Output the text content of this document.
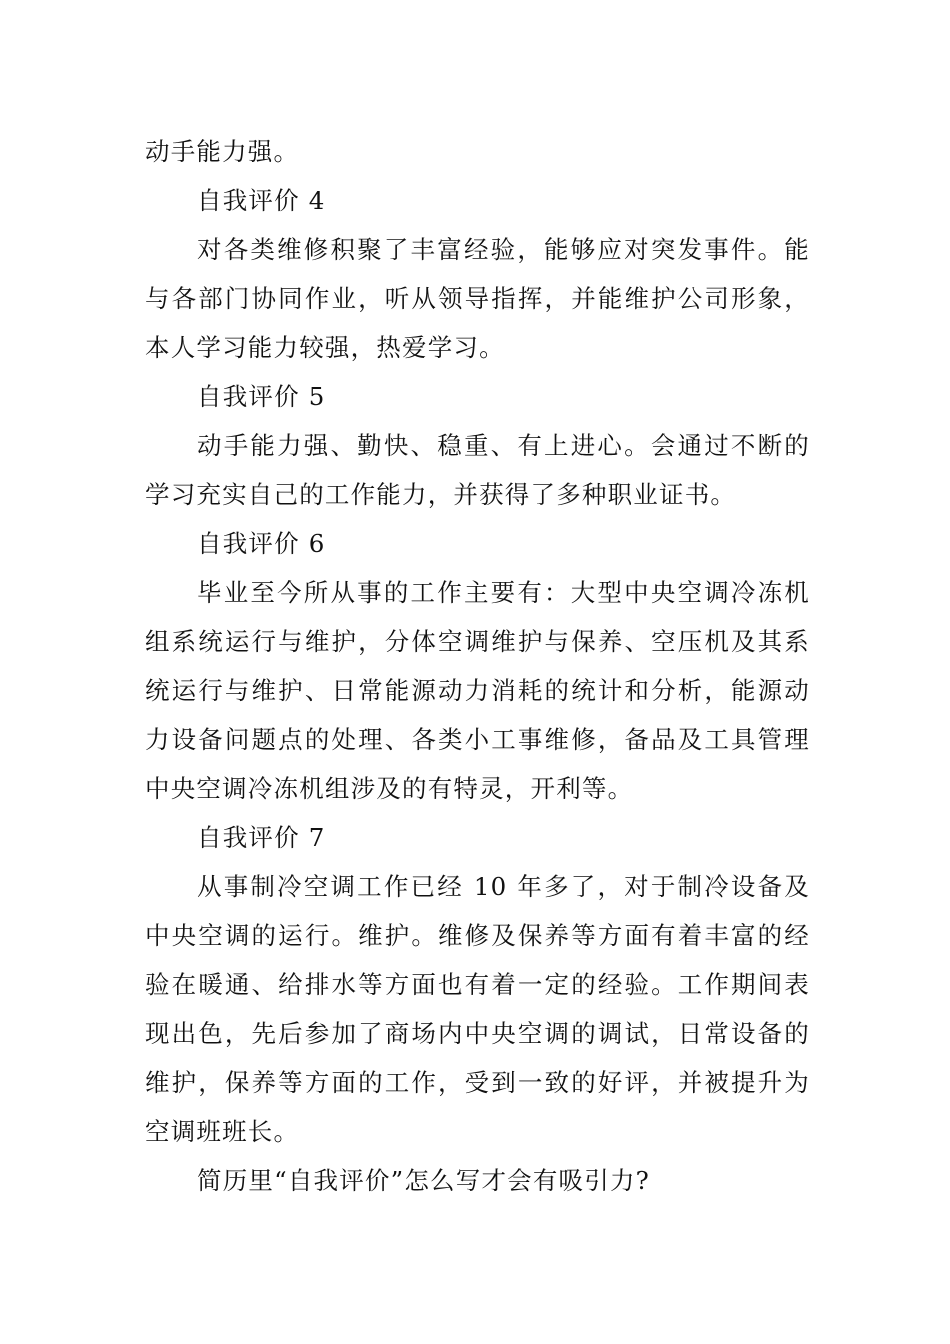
动手能力强。

自我评价 4

对各类维修积聚了丰富经验，能够应对突发事件。能与各部门协同作业，听从领导指挥，并能维护公司形象，本人学习能力较强，热爱学习。

自我评价 5

动手能力强、勤快、稳重、有上进心。会通过不断的学习充实自己的工作能力，并获得了多种职业证书。

自我评价 6

毕业至今所从事的工作主要有：大型中央空调冷冻机组系统运行与维护，分体空调维护与保养、空压机及其系统运行与维护、日常能源动力消耗的统计和分析，能源动力设备问题点的处理、各类小工事维修，备品及工具管理中央空调冷冻机组涉及的有特灵，开利等。

自我评价 7

从事制冷空调工作已经 10 年多了，对于制冷设备及中央空调的运行。维护。维修及保养等方面有着丰富的经验在暖通、给排水等方面也有着一定的经验。工作期间表现出色，先后参加了商场内中央空调的调试，日常设备的维护，保养等方面的工作，受到一致的好评，并被提升为空调班班长。

简历里“自我评价”怎么写才会有吸引力?
